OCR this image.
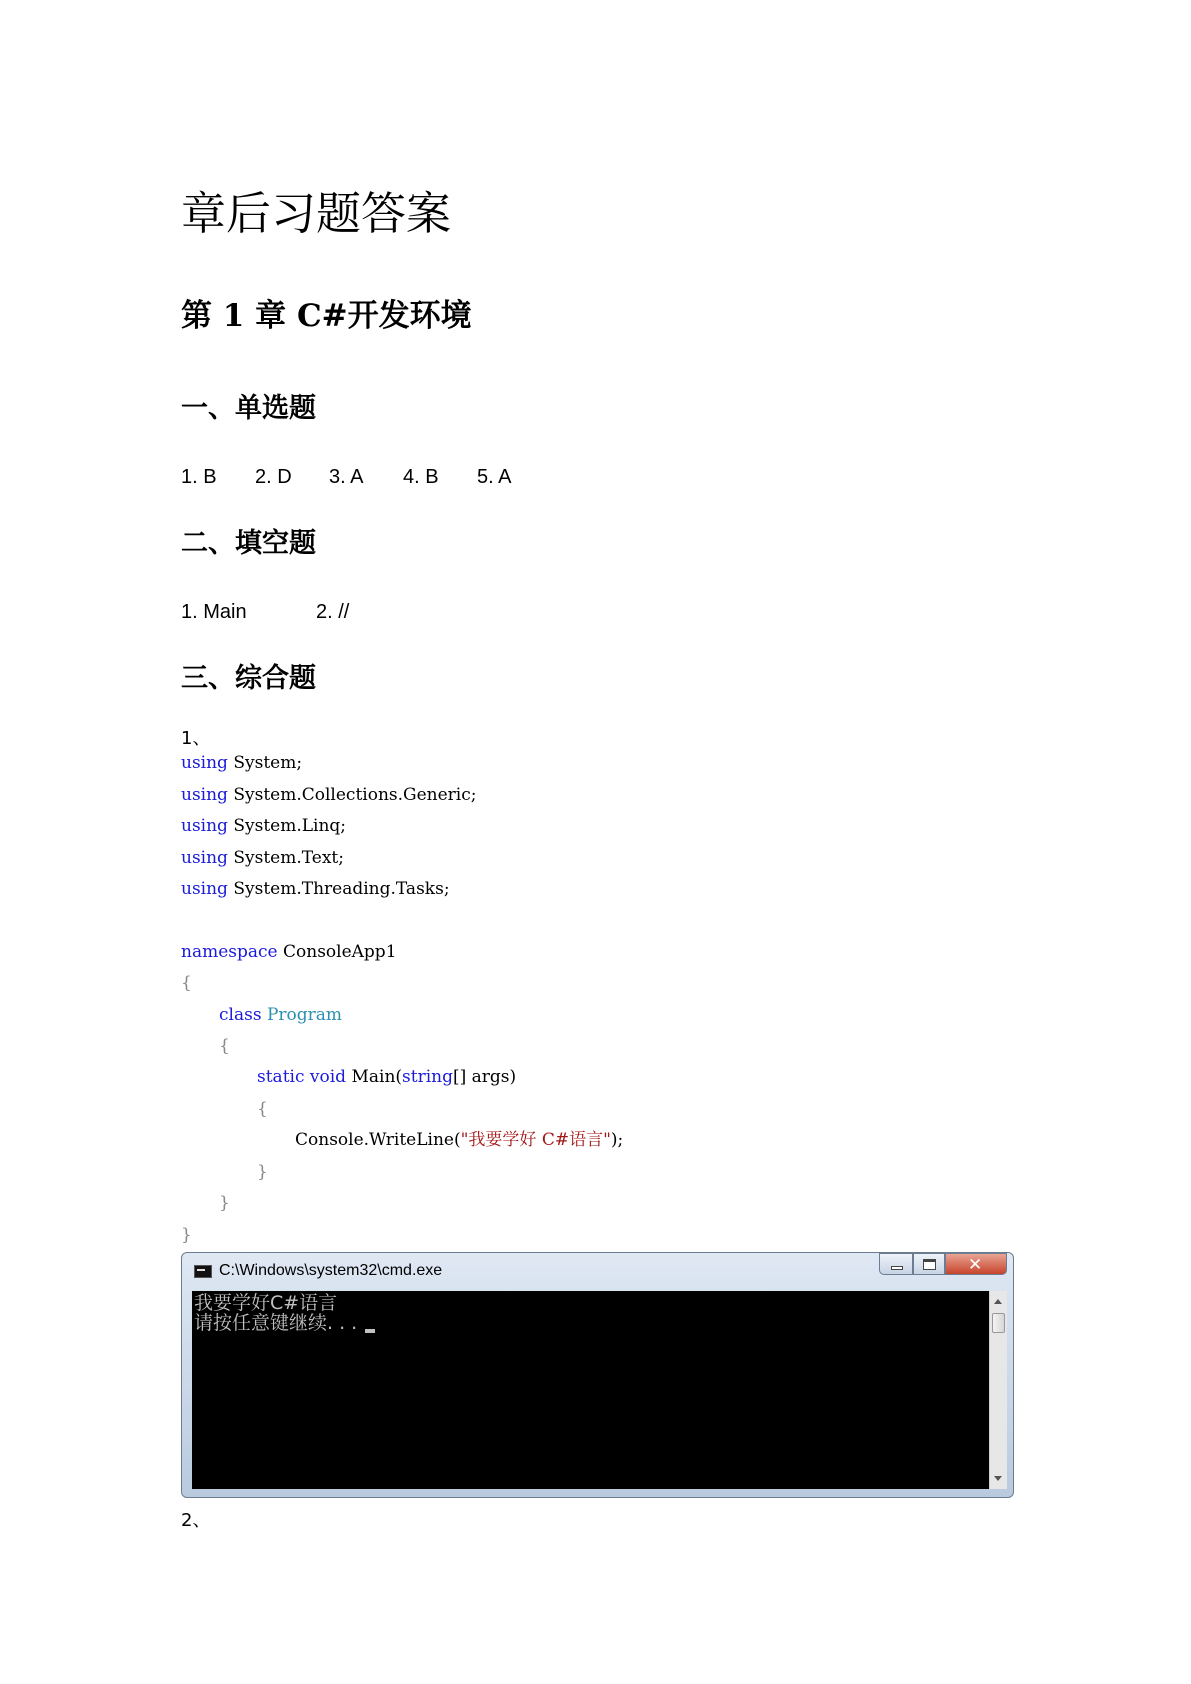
章后习题答案
第 1 章 C#开发环境
一、单选题
1. B 2. D 3. A 4. B 5. A
二、填空题
1. Main	2. //
三、综合题
1、
using System;
using System.Collections.Generic;
using System.Linq;
using System.Text;
using System.Threading.Tasks;
namespace ConsoleApp1
{
class Program
{
static void Main(string[] args)
{
Console.WriteLine("我要学好 C#语言");
}
}
}
C:\Windows\system32\cmd.exe	✕
我要学好C#语言
请按任意键继续. . .
2、
